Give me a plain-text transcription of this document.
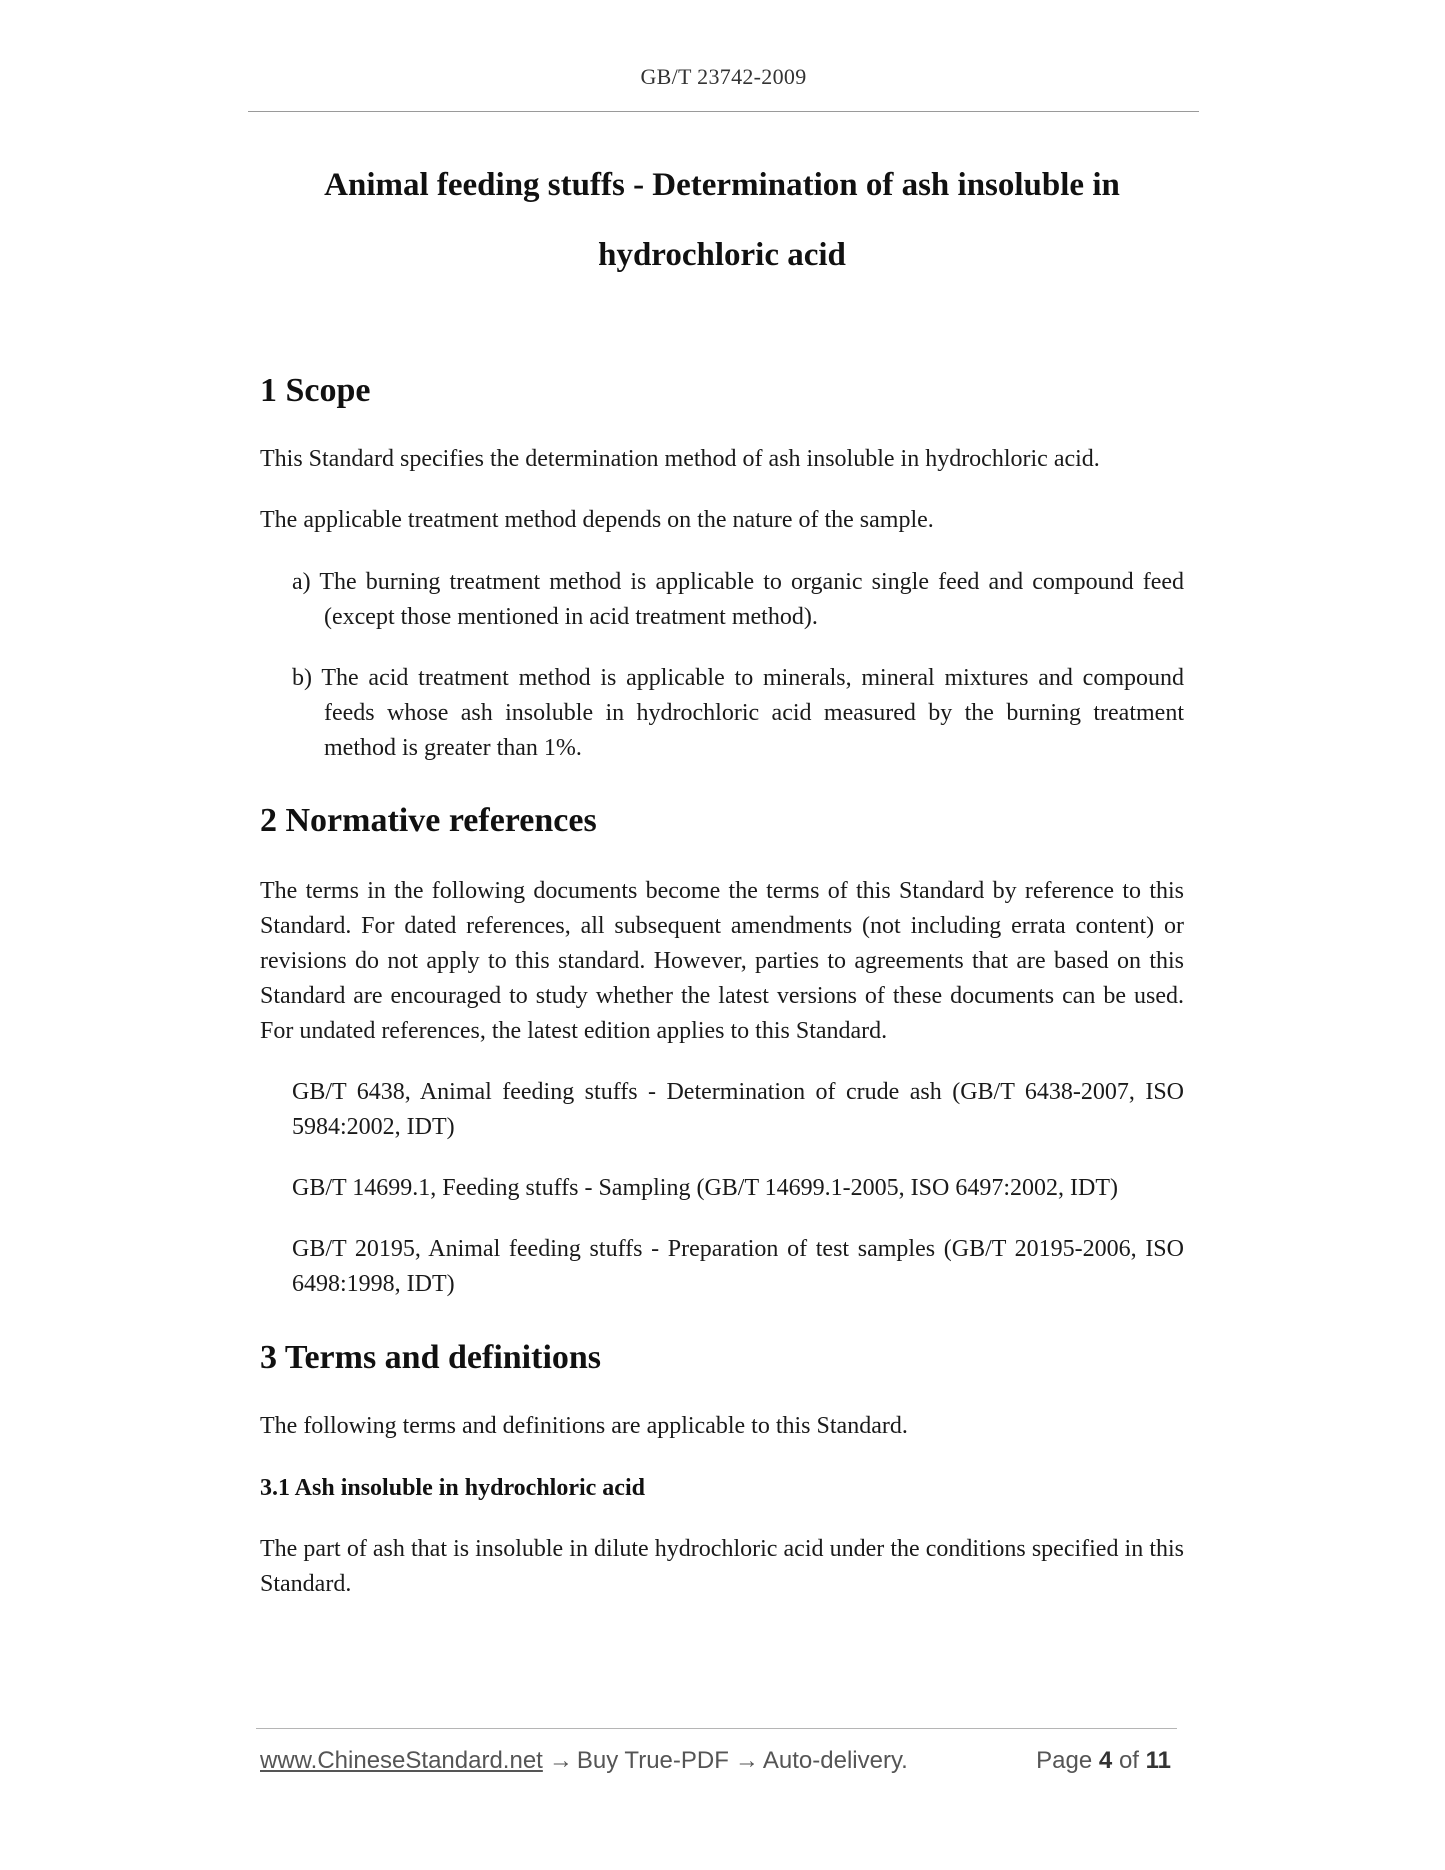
GB/T 23742-2009
Animal feeding stuffs - Determination of ash insoluble in
hydrochloric acid
1 Scope

This Standard specifies the determination method of ash insoluble in hydrochloric acid.

The applicable treatment method depends on the nature of the sample.

a) The burning treatment method is applicable to organic single feed and compound feed (except those mentioned in acid treatment method).

b) The acid treatment method is applicable to minerals, mineral mixtures and compound feeds whose ash insoluble in hydrochloric acid measured by the burning treatment method is greater than 1%.

2 Normative references

The terms in the following documents become the terms of this Standard by reference to this Standard. For dated references, all subsequent amendments (not including errata content) or revisions do not apply to this standard. However, parties to agreements that are based on this Standard are encouraged to study whether the latest versions of these documents can be used. For undated references, the latest edition applies to this Standard.

GB/T 6438, Animal feeding stuffs - Determination of crude ash (GB/T 6438-2007, ISO 5984:2002, IDT)

GB/T 14699.1, Feeding stuffs - Sampling (GB/T 14699.1-2005, ISO 6497:2002, IDT)

GB/T 20195, Animal feeding stuffs - Preparation of test samples (GB/T 20195-2006, ISO 6498:1998, IDT)

3 Terms and definitions

The following terms and definitions are applicable to this Standard.

3.1 Ash insoluble in hydrochloric acid

The part of ash that is insoluble in dilute hydrochloric acid under the conditions specified in this Standard.

www.ChineseStandard.net → Buy True-PDF → Auto-delivery.	Page 4 of 11
